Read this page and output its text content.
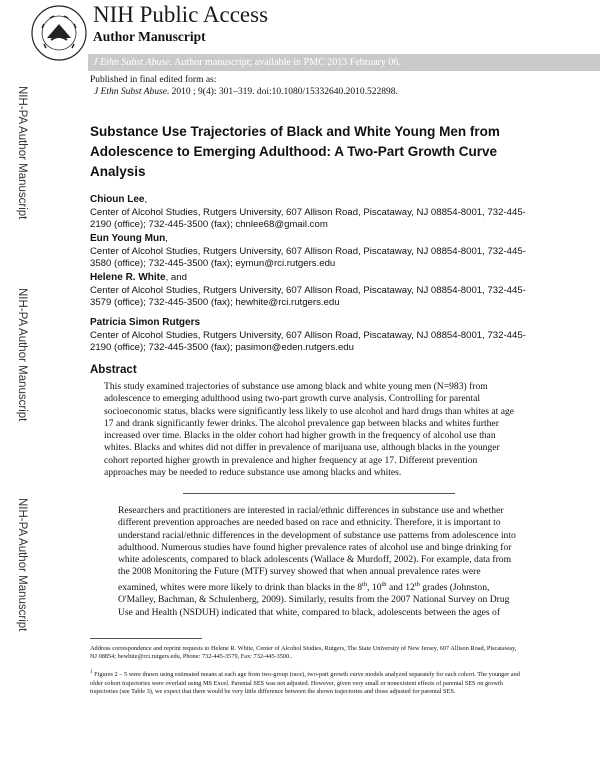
NIH Public Access
Author Manuscript
J Ethn Subst Abuse. Author manuscript; available in PMC 2013 February 06.
Published in final edited form as:
J Ethn Subst Abuse. 2010 ; 9(4): 301–319. doi:10.1080/15332640.2010.522898.
NIH-PA Author Manuscript
NIH-PA Author Manuscript
NIH-PA Author Manuscript
Substance Use Trajectories of Black and White Young Men from Adolescence to Emerging Adulthood: A Two-Part Growth Curve Analysis
Chioun Lee,
Center of Alcohol Studies, Rutgers University, 607 Allison Road, Piscataway, NJ 08854-8001, 732-445-2190 (office); 732-445-3500 (fax); chnlee68@gmail.com
Eun Young Mun,
Center of Alcohol Studies, Rutgers University, 607 Allison Road, Piscataway, NJ 08854-8001, 732-445-3580 (office); 732-445-3500 (fax); eymun@rci.rutgers.edu
Helene R. White, and
Center of Alcohol Studies, Rutgers University, 607 Allison Road, Piscataway, NJ 08854-8001, 732-445-3579 (office); 732-445-3500 (fax); hewhite@rci.rutgers.edu
Patricia Simon Rutgers
Center of Alcohol Studies, Rutgers University, 607 Allison Road, Piscataway, NJ 08854-8001, 732-445-2190 (office); 732-445-3500 (fax); pasimon@eden.rutgers.edu
Abstract
This study examined trajectories of substance use among black and white young men (N=983) from adolescence to emerging adulthood using two-part growth curve analysis. Controlling for parental socioeconomic status, blacks were significantly less likely to use alcohol and hard drugs than whites at age 17 and drank significantly fewer drinks. The alcohol prevalence gap between blacks and whites further increased over time. Blacks in the older cohort had higher growth in the frequency of alcohol use than whites. Blacks and whites did not differ in prevalence of marijuana use, although blacks in the younger cohort reported higher growth in prevalence and higher frequency at age 17. Different prevention approaches may be needed to reduce substance use among blacks and whites.
Researchers and practitioners are interested in racial/ethnic differences in substance use and whether different prevention approaches are needed based on race and ethnicity. Therefore, it is important to understand racial/ethnic differences in the development of substance use patterns from adolescence into adulthood. Numerous studies have found higher prevalence rates of alcohol use and binge drinking for white adolescents, compared to black adolescents (Wallace & Murdoff, 2002). For example, data from the 2008 Monitoring the Future (MTF) survey showed that when annual prevalence rates were examined, whites were more likely to drink than blacks in the 8th, 10th and 12th grades (Johnston, O'Malley, Bachman, & Schulenberg, 2009). Similarly, results from the 2007 National Survey on Drug Use and Health (NSDUH) indicated that white, compared to black, adolescents between the ages of
Address correspondence and reprint requests to Helene R. White, Center of Alcohol Studies, Rutgers, The State University of New Jersey, 607 Allison Road, Piscataway, NJ 08854; hewhite@rci.rutgers.edu, Phone: 732-445-3579, Fax: 732-445-3500..
$^1$ Figures 2 – 5 were drawn using estimated means at each age from two-group (race), two-part growth curve models analyzed separately for each cohort. The younger and older cohort trajectories were overlaid using MS Excel. Parental SES was not adjusted. However, given very small or nonexistent effects of parental SES on growth trajectories (see Table 3), we expect that there would be very little difference between the shown trajectories and those adjusted for parental SES.
